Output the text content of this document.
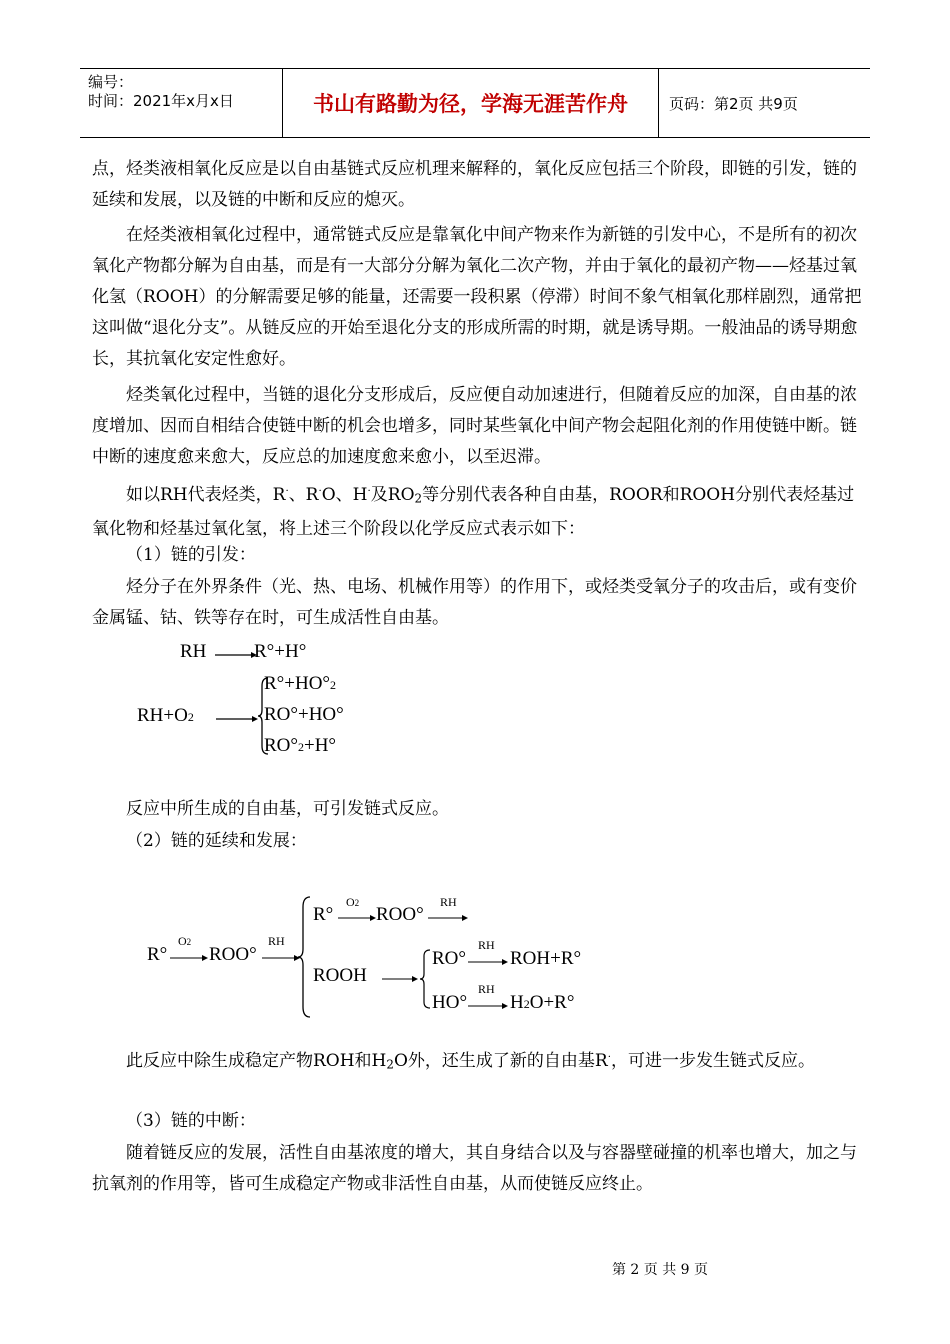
编号：
时间：2021年x月x日	书山有路勤为径，学海无涯苦作舟	页码：第2页 共9页

点，烃类液相氧化反应是以自由基链式反应机理来解释的，氧化反应包括三个阶段，即链的引发，链的延续和发展，以及链的中断和反应的熄灭。

在烃类液相氧化过程中，通常链式反应是靠氧化中间产物来作为新链的引发中心，不是所有的初次氧化产物都分解为自由基，而是有一大部分分解为氧化二次产物，并由于氧化的最初产物——烃基过氧化氢（ROOH）的分解需要足够的能量，还需要一段积累（停滞）时间不象气相氧化那样剧烈，通常把这叫做“退化分支”。从链反应的开始至退化分支的形成所需的时期，就是诱导期。一般油品的诱导期愈长，其抗氧化安定性愈好。

烃类氧化过程中，当链的退化分支形成后，反应便自动加速进行，但随着反应的加深，自由基的浓度增加、因而自相结合使链中断的机会也增多，同时某些氧化中间产物会起阻化剂的作用使链中断。链中断的速度愈来愈大，反应总的加速度愈来愈小，以至迟滞。

如以RH代表烃类，R·、R·O、H·及RO2等分别代表各种自由基，ROOR和ROOH分别代表烃基过氧化物和烃基过氧化氢，将上述三个阶段以化学反应式表示如下：

（1）链的引发：

烃分子在外界条件（光、热、电场、机械作用等）的作用下，或烃类受氧分子的攻击后，或有变价金属锰、钴、铁等存在时，可生成活性自由基。

RH	R°+H°
RH+O2
R°+HO°2
RO°+HO°
RO°2+H°

反应中所生成的自由基，可引发链式反应。

（2）链的延续和发展：

R°
O2
ROO°
RH
R°
O2
ROO°
RH
ROOH
RO°
RH
ROH+R°
HO°
RH
H2O+R°

此反应中除生成稳定产物ROH和H2O外，还生成了新的自由基R·，可进一步发生链式反应。

（3）链的中断：

随着链反应的发展，活性自由基浓度的增大，其自身结合以及与容器壁碰撞的机率也增大，加之与抗氧剂的作用等，皆可生成稳定产物或非活性自由基，从而使链反应终止。

第 2 页 共 9 页
